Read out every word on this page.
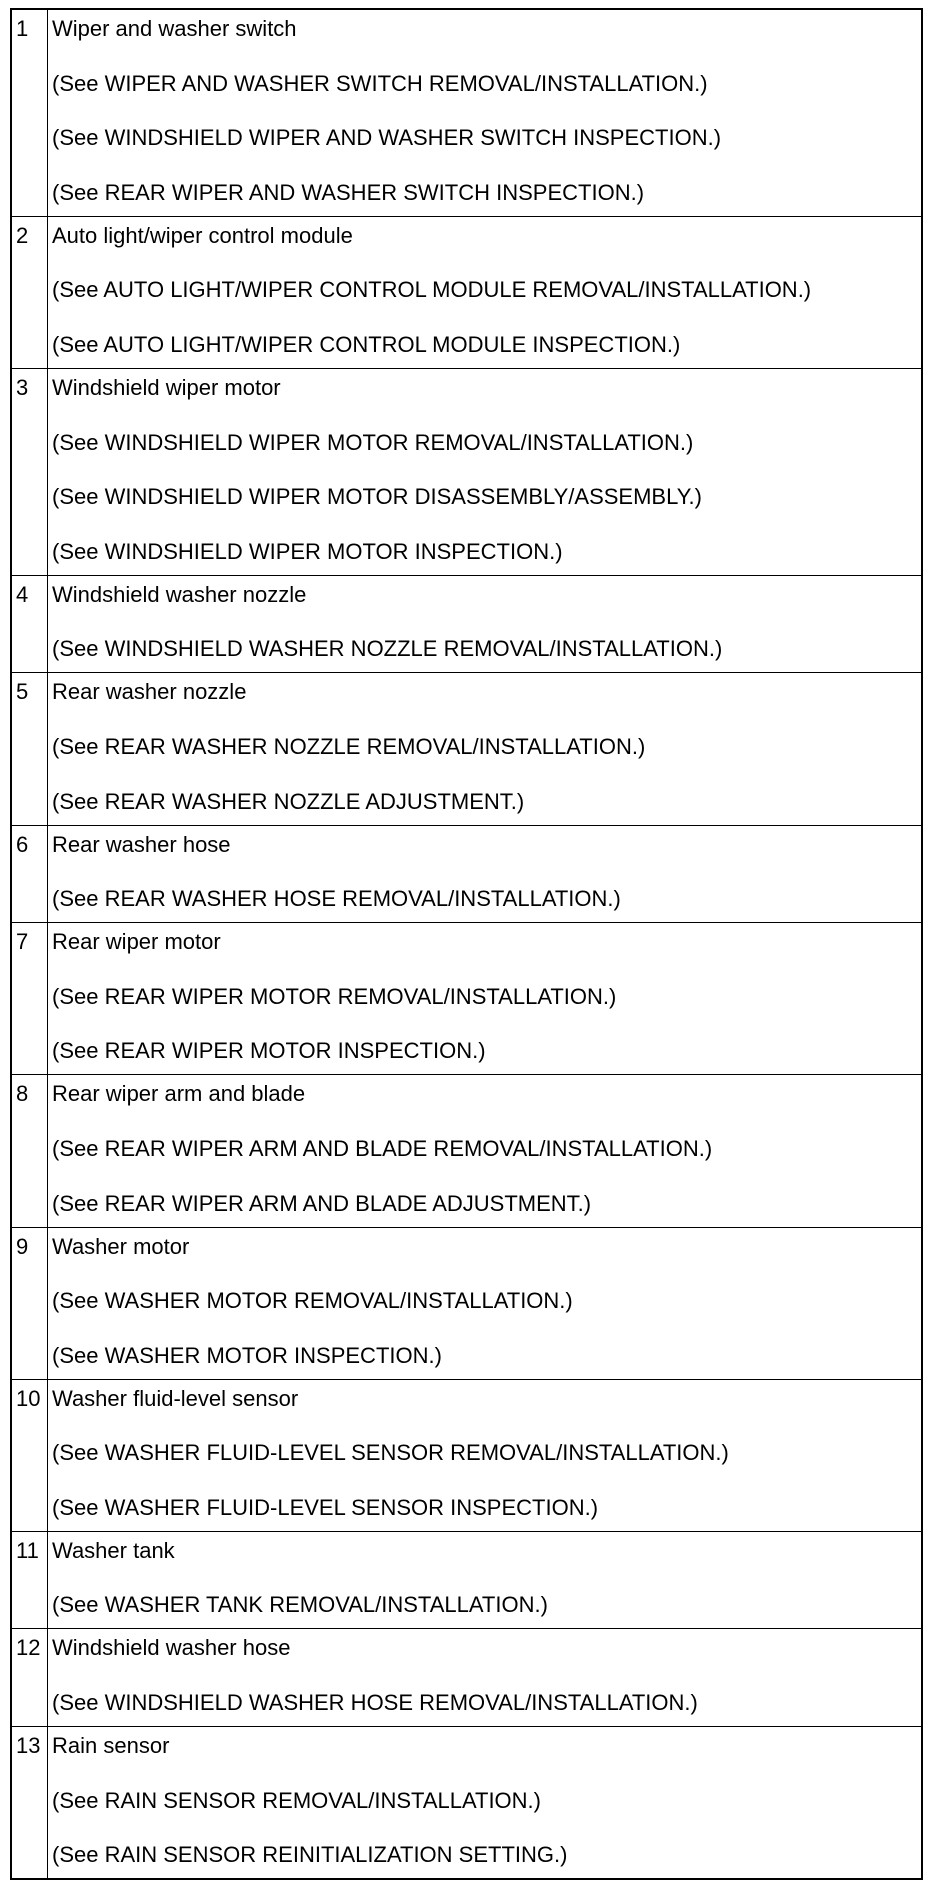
1	Wiper and washer switch
(See WIPER AND WASHER SWITCH REMOVAL/INSTALLATION.)
(See WINDSHIELD WIPER AND WASHER SWITCH INSPECTION.)
(See REAR WIPER AND WASHER SWITCH INSPECTION.)
2	Auto light/wiper control module
(See AUTO LIGHT/WIPER CONTROL MODULE REMOVAL/INSTALLATION.)
(See AUTO LIGHT/WIPER CONTROL MODULE INSPECTION.)
3	Windshield wiper motor
(See WINDSHIELD WIPER MOTOR REMOVAL/INSTALLATION.)
(See WINDSHIELD WIPER MOTOR DISASSEMBLY/ASSEMBLY.)
(See WINDSHIELD WIPER MOTOR INSPECTION.)
4	Windshield washer nozzle
(See WINDSHIELD WASHER NOZZLE REMOVAL/INSTALLATION.)
5	Rear washer nozzle
(See REAR WASHER NOZZLE REMOVAL/INSTALLATION.)
(See REAR WASHER NOZZLE ADJUSTMENT.)
6	Rear washer hose
(See REAR WASHER HOSE REMOVAL/INSTALLATION.)
7	Rear wiper motor
(See REAR WIPER MOTOR REMOVAL/INSTALLATION.)
(See REAR WIPER MOTOR INSPECTION.)
8	Rear wiper arm and blade
(See REAR WIPER ARM AND BLADE REMOVAL/INSTALLATION.)
(See REAR WIPER ARM AND BLADE ADJUSTMENT.)
9	Washer motor
(See WASHER MOTOR REMOVAL/INSTALLATION.)
(See WASHER MOTOR INSPECTION.)
10 Washer fluid-level sensor
(See WASHER FLUID-LEVEL SENSOR REMOVAL/INSTALLATION.)
(See WASHER FLUID-LEVEL SENSOR INSPECTION.)
11 Washer tank
(See WASHER TANK REMOVAL/INSTALLATION.)
12 Windshield washer hose
(See WINDSHIELD WASHER HOSE REMOVAL/INSTALLATION.)
13 Rain sensor
(See RAIN SENSOR REMOVAL/INSTALLATION.)
(See RAIN SENSOR REINITIALIZATION SETTING.)
